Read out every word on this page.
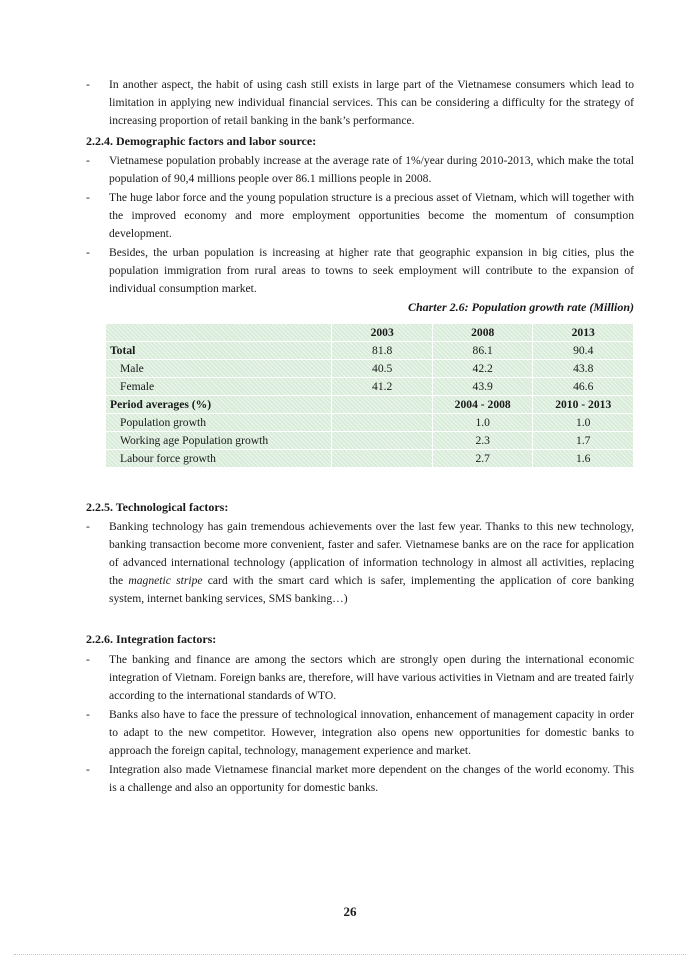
- In another aspect, the habit of using cash still exists in large part of the Vietnamese consumers which lead to limitation in applying new individual financial services. This can be considering a difficulty for the strategy of increasing proportion of retail banking in the bank’s performance.
2.2.4. Demographic factors and labor source:
- Vietnamese population probably increase at the average rate of 1%/year during 2010-2013, which make the total population of 90,4 millions people over 86.1 millions people in 2008.
- The huge labor force and the young population structure is a precious asset of Vietnam, which will together with the improved economy and more employment opportunities become the momentum of consumption development.
- Besides, the urban population is increasing at higher rate that geographic expansion in big cities, plus the population immigration from rural areas to towns to seek employment will contribute to the expansion of individual consumption market.
Charter 2.6: Population growth rate (Million)
	2003	2008	2013
Total	81.8	86.1	90.4
Male	40.5	42.2	43.8
Female	41.2	43.9	46.6
Period averages (%)		2004 - 2008	2010 - 2013
Population growth		1.0	1.0
Working age Population growth		2.3	1.7
Labour force growth		2.7	1.6
2.2.5. Technological factors:
- Banking technology has gain tremendous achievements over the last few year. Thanks to this new technology, banking transaction become more convenient, faster and safer. Vietnamese banks are on the race for application of advanced international technology (application of information technology in almost all activities, replacing the magnetic stripe card with the smart card which is safer, implementing the application of core banking system, internet banking services, SMS banking…)
2.2.6. Integration factors:
- The banking and finance are among the sectors which are strongly open during the international economic integration of Vietnam. Foreign banks are, therefore, will have various activities in Vietnam and are treated fairly according to the international standards of WTO.
- Banks also have to face the pressure of technological innovation, enhancement of management capacity in order to adapt to the new competitor. However, integration also opens new opportunities for domestic banks to approach the foreign capital, technology, management experience and market.
- Integration also made Vietnamese financial market more dependent on the changes of the world economy. This is a challenge and also an opportunity for domestic banks.
26
